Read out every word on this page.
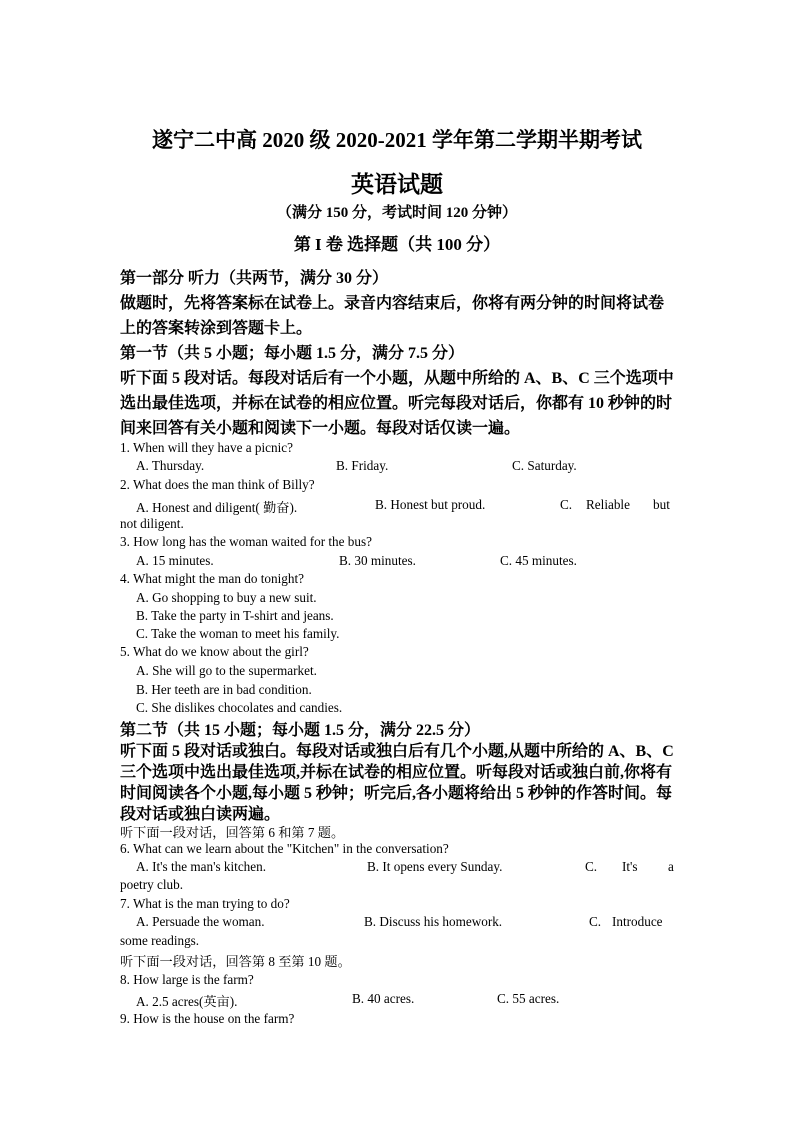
遂宁二中高 2020 级 2020-2021 学年第二学期半期考试
英语试题
（满分 150 分，考试时间 120 分钟）
第 I 卷 选择题（共 100 分）
第一部分 听力（共两节，满分 30 分）
做题时，先将答案标在试卷上。录音内容结束后，你将有两分钟的时间将试卷
上的答案转涂到答题卡上。
第一节（共 5 小题；每小题 1.5 分，满分 7.5 分）
听下面 5 段对话。每段对话后有一个小题，从题中所给的 A、B、C 三个选项中
选出最佳选项，并标在试卷的相应位置。听完每段对话后，你都有 10 秒钟的时
间来回答有关小题和阅读下一小题。每段对话仅读一遍。
1. When will they have a picnic?
A. Thursday.	B. Friday.	C. Saturday.
2. What does the man think of Billy?
A. Honest and diligent( 勤奋).	B. Honest but proud.	C. Reliable but
not diligent.
3. How long has the woman waited for the bus?
A. 15 minutes.	B. 30 minutes.	C. 45 minutes.
4. What might the man do tonight?
A. Go shopping to buy a new suit.
B. Take the party in T-shirt and jeans.
C. Take the woman to meet his family.
5. What do we know about the girl?
A. She will go to the supermarket.
B. Her teeth are in bad condition.
C. She dislikes chocolates and candies.
第二节（共 15 小题；每小题 1.5 分，满分 22.5 分）
听下面 5 段对话或独白。每段对话或独白后有几个小题,从题中所给的 A、B、C
三个选项中选出最佳选项,并标在试卷的相应位置。听每段对话或独白前,你将有
时间阅读各个小题,每小题 5 秒钟；听完后,各小题将给出 5 秒钟的作答时间。每
段对话或独白读两遍。
听下面一段对话，回答第 6 和第 7 题。
6. What can we learn about the "Kitchen" in the conversation?
A. It's the man's kitchen.	B. It opens every Sunday.	C. It's a
poetry club.
7. What is the man trying to do?
A. Persuade the woman.	B. Discuss his homework.	C. Introduce
some readings.
听下面一段对话，回答第 8 至第 10 题。
8. How large is the farm?
A. 2.5 acres(英亩).	B. 40 acres.	C. 55 acres.
9. How is the house on the farm?
